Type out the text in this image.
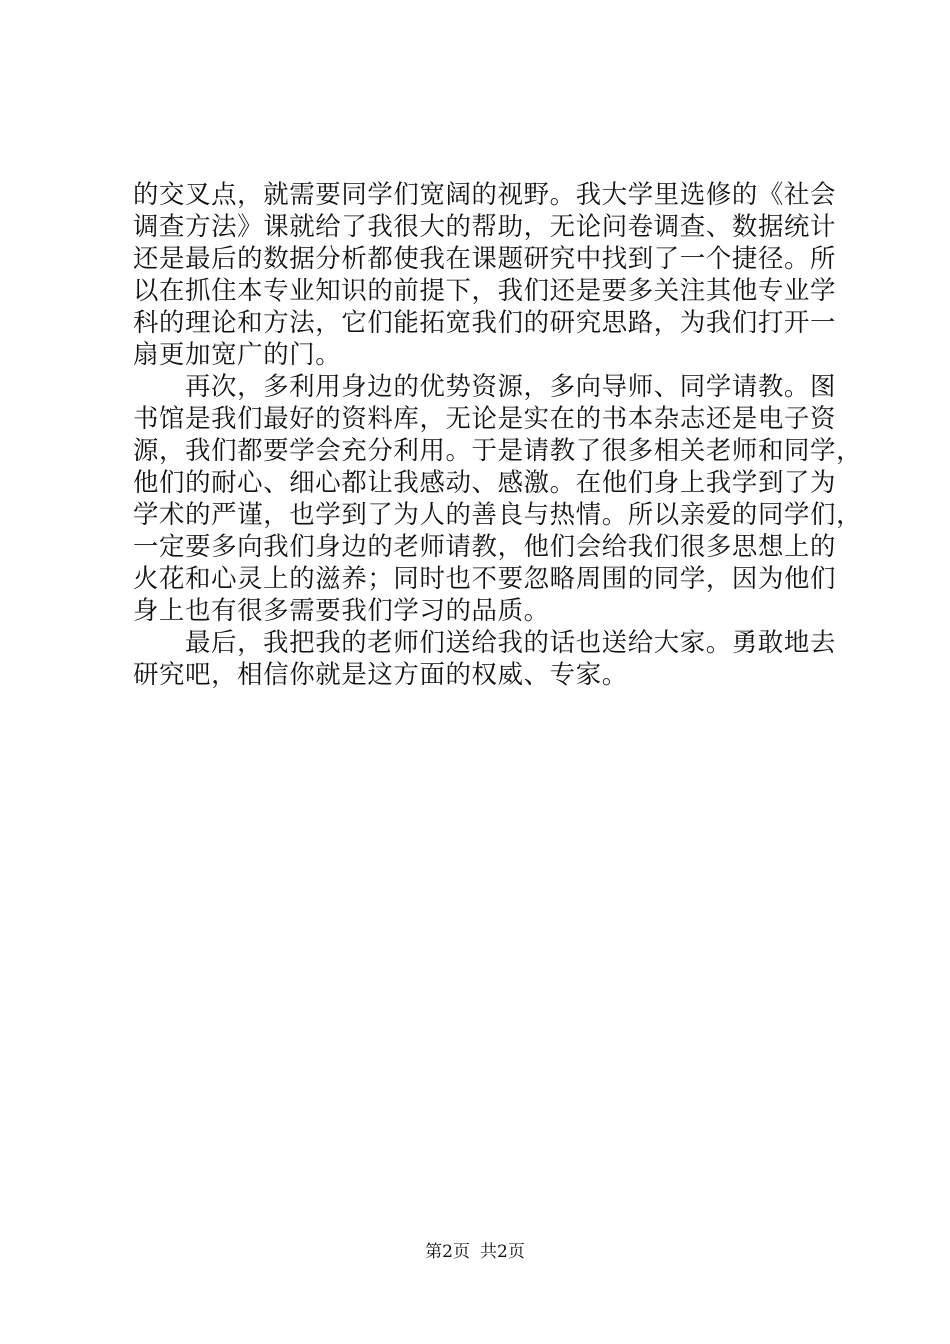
的交叉点，就需要同学们宽阔的视野。我大学里选修的《社会
调查方法》课就给了我很大的帮助，无论问卷调查、数据统计
还是最后的数据分析都使我在课题研究中找到了一个捷径。所
以在抓住本专业知识的前提下，我们还是要多关注其他专业学
科的理论和方法，它们能拓宽我们的研究思路，为我们打开一
扇更加宽广的门。
再次，多利用身边的优势资源，多向导师、同学请教。图
书馆是我们最好的资料库，无论是实在的书本杂志还是电子资
源，我们都要学会充分利用。于是请教了很多相关老师和同学，
他们的耐心、细心都让我感动、感激。在他们身上我学到了为
学术的严谨，也学到了为人的善良与热情。所以亲爱的同学们，
一定要多向我们身边的老师请教，他们会给我们很多思想上的
火花和心灵上的滋养；同时也不要忽略周围的同学，因为他们
身上也有很多需要我们学习的品质。
最后，我把我的老师们送给我的话也送给大家。勇敢地去
研究吧，相信你就是这方面的权威、专家。
第2页 共2页
